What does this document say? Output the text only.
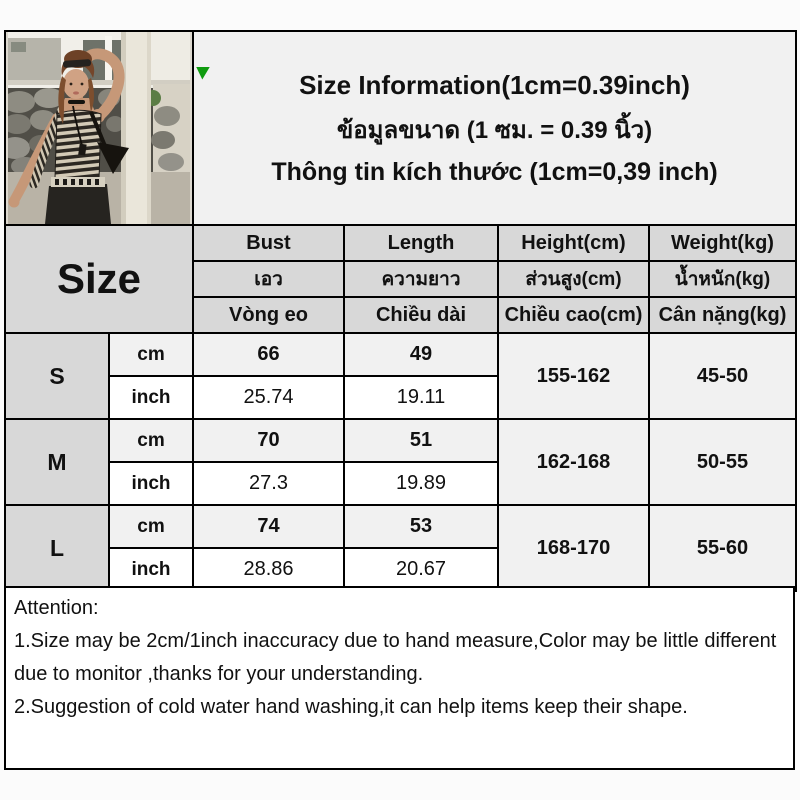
Size Information(1cm=0.39inch)
ข้อมูลขนาด (1 ซม. = 0.39 นิ้ว)
Thông tin kích thước (1cm=0,39 inch)			

Size		Bust	Length	Height(cm)	Weight(kg)
		เอว	ความยาว	ส่วนสูง(cm)	น้ำหนัก(kg)
		Vòng eo	Chiều dài	Chiều cao(cm)	Cân nặng(kg)
S	cm	66	49	155-162	45-50
	inch	25.74	19.11		
M	cm	70	51	162-168	50-55
	inch	27.3	19.89		
L	cm	74	53	168-170	55-60
	inch	28.86	20.67		
Attention:
1.Size may be 2cm/1inch inaccuracy due to hand measure,Color may be little different due to monitor ,thanks for your understanding.
2.Suggestion of cold water hand washing,it can help items keep their shape.
